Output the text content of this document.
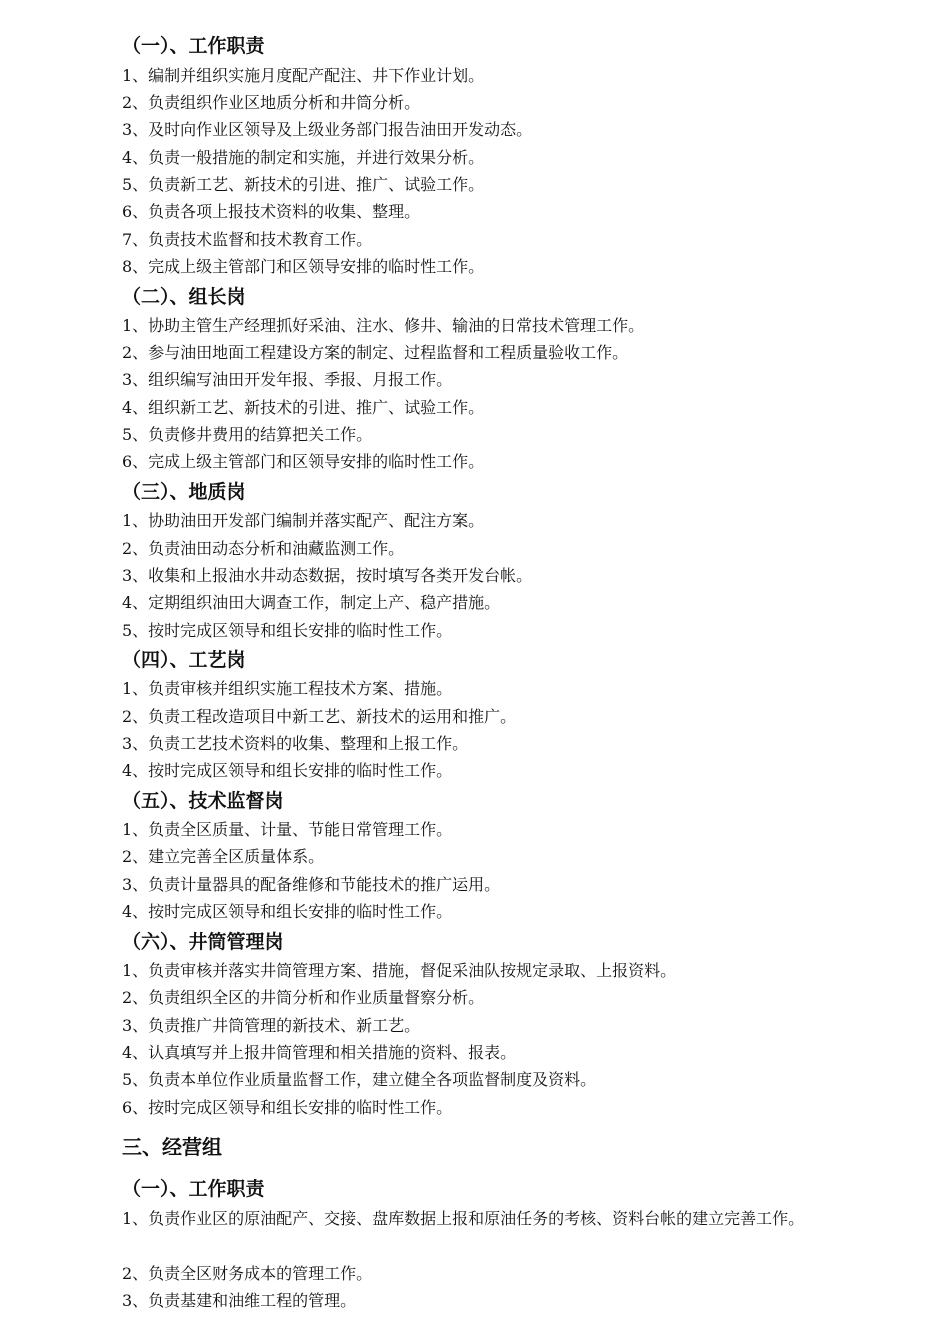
（一）、工作职责
1、编制并组织实施月度配产配注、井下作业计划。
2、负责组织作业区地质分析和井筒分析。
3、及时向作业区领导及上级业务部门报告油田开发动态。
4、负责一般措施的制定和实施，并进行效果分析。
5、负责新工艺、新技术的引进、推广、试验工作。
6、负责各项上报技术资料的收集、整理。
7、负责技术监督和技术教育工作。
8、完成上级主管部门和区领导安排的临时性工作。
（二）、组长岗
1、协助主管生产经理抓好采油、注水、修井、输油的日常技术管理工作。
2、参与油田地面工程建设方案的制定、过程监督和工程质量验收工作。
3、组织编写油田开发年报、季报、月报工作。
4、组织新工艺、新技术的引进、推广、试验工作。
5、负责修井费用的结算把关工作。
6、完成上级主管部门和区领导安排的临时性工作。
（三）、地质岗
1、协助油田开发部门编制并落实配产、配注方案。
2、负责油田动态分析和油藏监测工作。
3、收集和上报油水井动态数据，按时填写各类开发台帐。
4、定期组织油田大调查工作，制定上产、稳产措施。
5、按时完成区领导和组长安排的临时性工作。
（四）、工艺岗
1、负责审核并组织实施工程技术方案、措施。
2、负责工程改造项目中新工艺、新技术的运用和推广。
3、负责工艺技术资料的收集、整理和上报工作。
4、按时完成区领导和组长安排的临时性工作。
（五）、技术监督岗
1、负责全区质量、计量、节能日常管理工作。
2、建立完善全区质量体系。
3、负责计量器具的配备维修和节能技术的推广运用。
4、按时完成区领导和组长安排的临时性工作。
（六）、井筒管理岗
1、负责审核并落实井筒管理方案、措施，督促采油队按规定录取、上报资料。
2、负责组织全区的井筒分析和作业质量督察分析。
3、负责推广井筒管理的新技术、新工艺。
4、认真填写并上报井筒管理和相关措施的资料、报表。
5、负责本单位作业质量监督工作，建立健全各项监督制度及资料。
6、按时完成区领导和组长安排的临时性工作。
三、经营组
（一）、工作职责
1、负责作业区的原油配产、交接、盘库数据上报和原油任务的考核、资料台帐的建立完善工作。
2、负责全区财务成本的管理工作。
3、负责基建和油维工程的管理。
